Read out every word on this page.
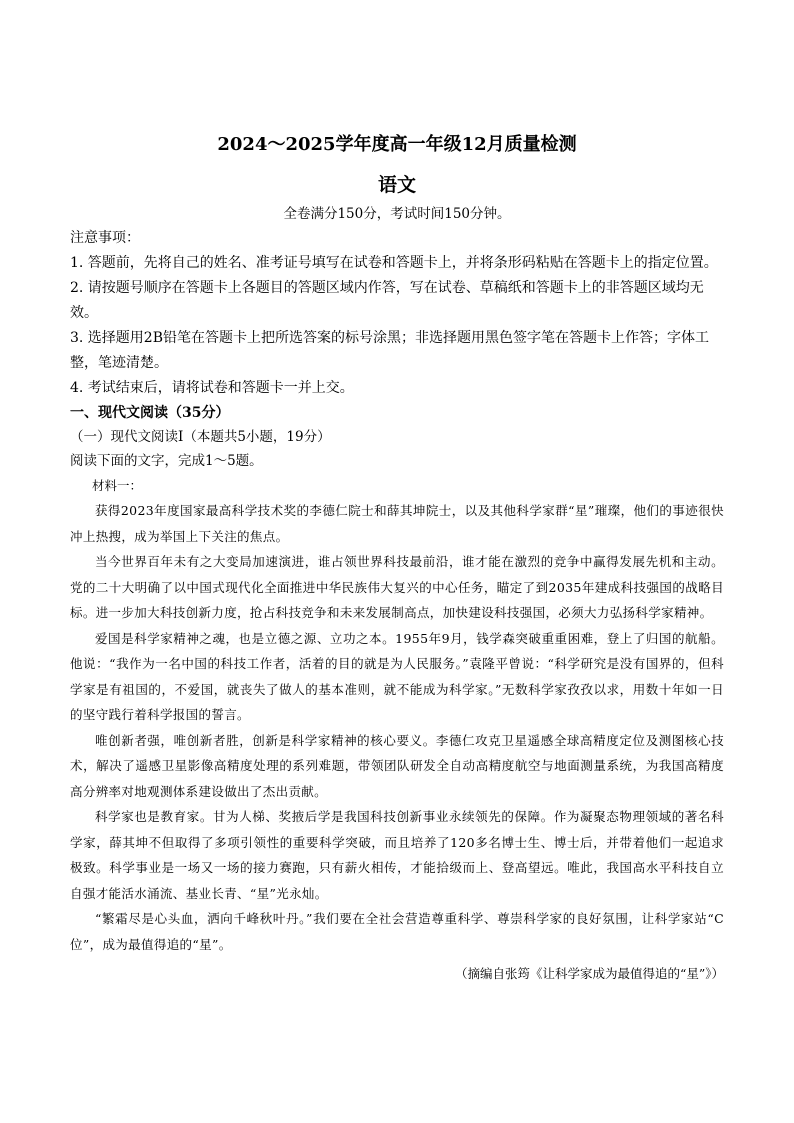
2024～2025学年度高一年级12月质量检测
语文
全卷满分150分，考试时间150分钟。

注意事项：

1. 答题前，先将自己的姓名、准考证号填写在试卷和答题卡上，并将条形码粘贴在答题卡上的指定位置。

2. 请按题号顺序在答题卡上各题目的答题区域内作答，写在试卷、草稿纸和答题卡上的非答题区域均无效。

3. 选择题用2B铅笔在答题卡上把所选答案的标号涂黑；非选择题用黑色签字笔在答题卡上作答；字体工整，笔迹清楚。

4. 考试结束后，请将试卷和答题卡一并上交。

一、现代文阅读（35分）

（一）现代文阅读Ⅰ（本题共5小题，19分）

阅读下面的文字，完成1～5题。

材料一：

获得2023年度国家最高科学技术奖的李德仁院士和薛其坤院士，以及其他科学家群“星”璀璨，他们的事迹很快冲上热搜，成为举国上下关注的焦点。

当今世界百年未有之大变局加速演进，谁占领世界科技最前沿，谁才能在激烈的竞争中赢得发展先机和主动。党的二十大明确了以中国式现代化全面推进中华民族伟大复兴的中心任务，瞄定了到2035年建成科技强国的战略目标。进一步加大科技创新力度，抢占科技竞争和未来发展制高点，加快建设科技强国，必须大力弘扬科学家精神。

爱国是科学家精神之魂，也是立德之源、立功之本。1955年9月，钱学森突破重重困难，登上了归国的航船。他说：“我作为一名中国的科技工作者，活着的目的就是为人民服务。”袁隆平曾说：“科学研究是没有国界的，但科学家是有祖国的，不爱国，就丧失了做人的基本准则，就不能成为科学家。”无数科学家孜孜以求，用数十年如一日的坚守践行着科学报国的誓言。

唯创新者强，唯创新者胜，创新是科学家精神的核心要义。李德仁攻克卫星遥感全球高精度定位及测图核心技术，解决了遥感卫星影像高精度处理的系列难题，带领团队研发全自动高精度航空与地面测量系统，为我国高精度高分辨率对地观测体系建设做出了杰出贡献。

科学家也是教育家。甘为人梯、奖掖后学是我国科技创新事业永续领先的保障。作为凝聚态物理领域的著名科学家，薛其坤不但取得了多项引领性的重要科学突破，而且培养了120多名博士生、博士后，并带着他们一起追求极致。科学事业是一场又一场的接力赛跑，只有薪火相传，才能拾级而上、登高望远。唯此，我国高水平科技自立自强才能活水涌流、基业长青、“星”光永灿。

“繁霜尽是心头血，洒向千峰秋叶丹。”我们要在全社会营造尊重科学、尊崇科学家的良好氛围，让科学家站“C位”，成为最值得追的“星”。

（摘编自张筠《让科学家成为最值得追的“星”》）
